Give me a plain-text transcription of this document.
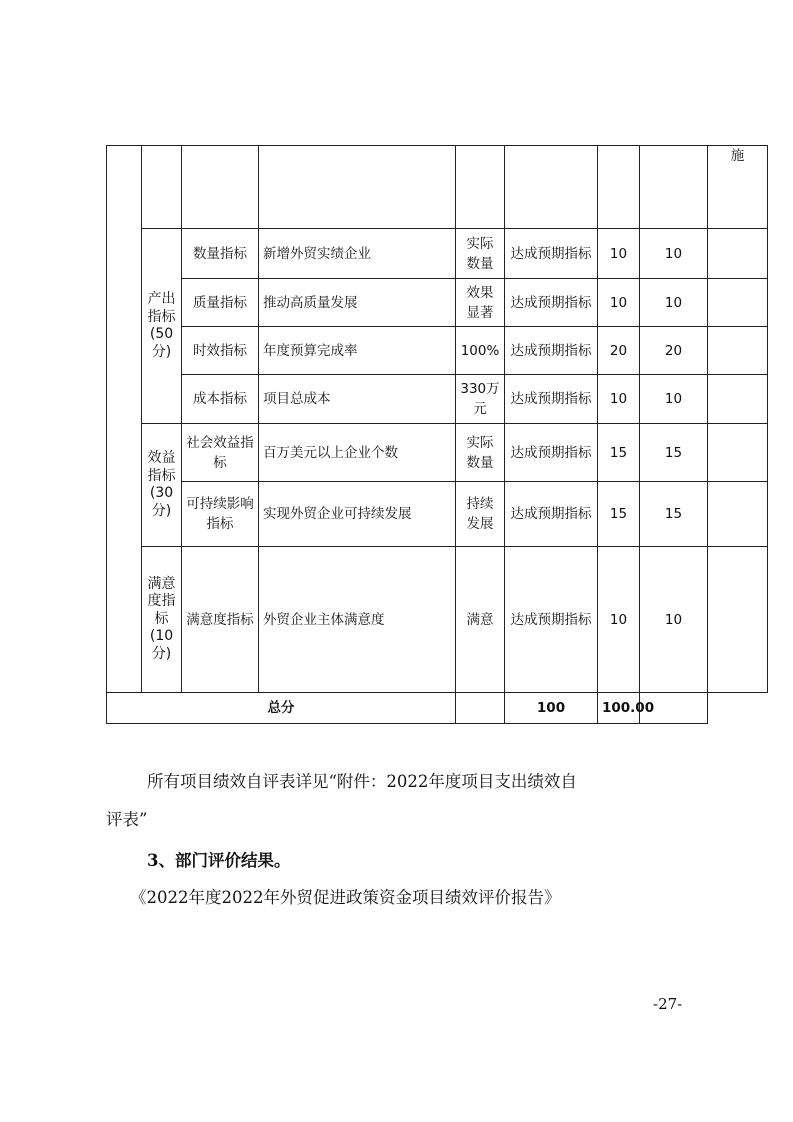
								施
	产出指标(50分)	数量指标	新增外贸实绩企业	实际数量	达成预期指标	10	10	
		质量指标	推动高质量发展	效果显著	达成预期指标	10	10	
		时效指标	年度预算完成率	100%	达成预期指标	20	20	
		成本指标	项目总成本	330万元	达成预期指标	10	10	
	效益指标(30分)	社会效益指标	百万美元以上企业个数	实际数量	达成预期指标	15	15	
		可持续影响指标	实现外贸企业可持续发展	持续发展	达成预期指标	15	15	
	满意度指标(10分)	满意度指标	外贸企业主体满意度	满意	达成预期指标	10	10	
总分					100	100.00		
所有项目绩效自评表详见“附件：2022年度项目支出绩效自
评表”
3、部门评价结果。
《2022年度2022年外贸促进政策资金项目绩效评价报告》
-27-
